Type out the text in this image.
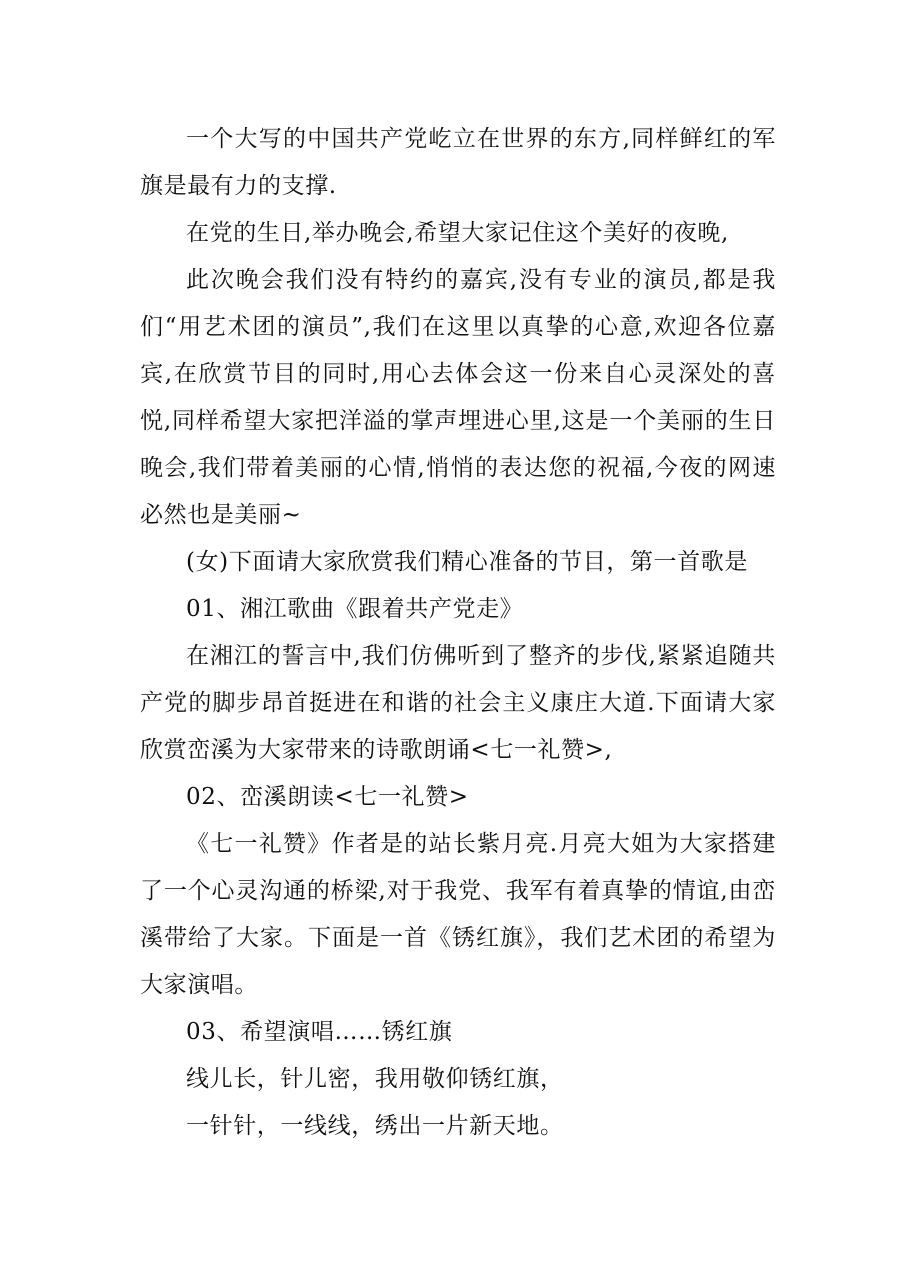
一个大写的中国共产党屹立在世界的东方,同样鲜红的军旗是最有力的支撑.

在党的生日,举办晚会,希望大家记住这个美好的夜晚,

此次晚会我们没有特约的嘉宾,没有专业的演员,都是我们“用艺术团的演员”,我们在这里以真挚的心意,欢迎各位嘉宾,在欣赏节目的同时,用心去体会这一份来自心灵深处的喜悦,同样希望大家把洋溢的掌声埋进心里,这是一个美丽的生日晚会,我们带着美丽的心情,悄悄的表达您的祝福,今夜的网速必然也是美丽~

(女)下面请大家欣赏我们精心准备的节目，第一首歌是

01、湘江歌曲《跟着共产党走》

在湘江的誓言中,我们仿佛听到了整齐的步伐,紧紧追随共产党的脚步昂首挺进在和谐的社会主义康庄大道.下面请大家欣赏峦溪为大家带来的诗歌朗诵<七一礼赞>,

02、峦溪朗读<七一礼赞>

《七一礼赞》作者是的站长紫月亮.月亮大姐为大家搭建了一个心灵沟通的桥梁,对于我党、我军有着真挚的情谊,由峦溪带给了大家。下面是一首《锈红旗》，我们艺术团的希望为大家演唱。

03、希望演唱……锈红旗

线儿长，针儿密，我用敬仰锈红旗，

一针针，一线线，绣出一片新天地。
